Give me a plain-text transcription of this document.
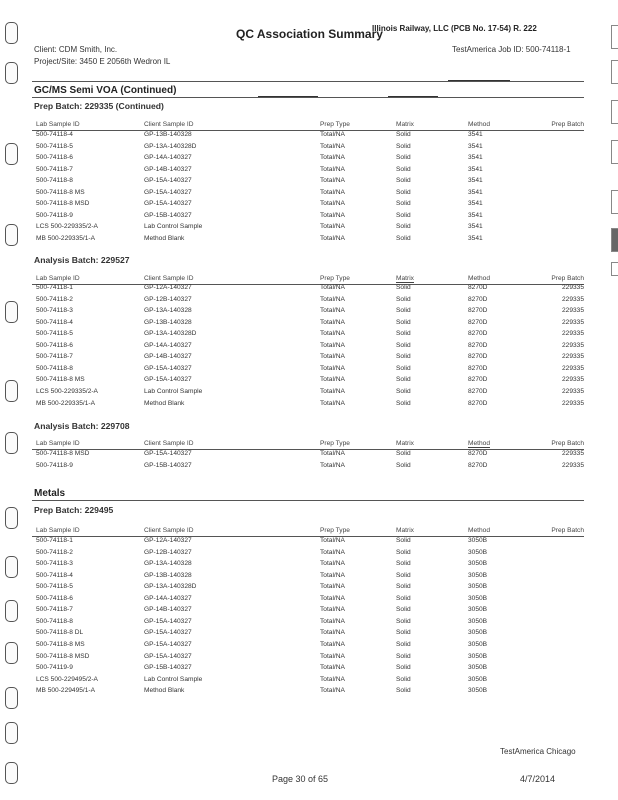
QC Association Summary
Illinois Railway, LLC (PCB No. 17-54) R. 222
Client: CDM Smith, Inc.	TestAmerica Job ID: 500-74118-1
Project/Site: 3450 E 2056th Wedron IL
GC/MS Semi VOA (Continued)
Prep Batch: 229335 (Continued)
Lab Sample ID	Client Sample ID	Prep Type	Matrix	Method	Prep Batch
500-74118-4	GP-13B-140328	Total/NA	Solid	3541
500-74118-5	GP-13A-140328D	Total/NA	Solid	3541
500-74118-6	GP-14A-140327	Total/NA	Solid	3541
500-74118-7	GP-14B-140327	Total/NA	Solid	3541
500-74118-8	GP-15A-140327	Total/NA	Solid	3541
500-74118-8 MS	GP-15A-140327	Total/NA	Solid	3541
500-74118-8 MSD	GP-15A-140327	Total/NA	Solid	3541
500-74118-9	GP-15B-140327	Total/NA	Solid	3541
LCS 500-229335/2-A	Lab Control Sample	Total/NA	Solid	3541
MB 500-229335/1-A	Method Blank	Total/NA	Solid	3541
Analysis Batch: 229527
Lab Sample ID	Client Sample ID	Prep Type	Matrix	Method	Prep Batch
500-74118-1	GP-12A-140327	Total/NA	Solid	8270D	229335
500-74118-2	GP-12B-140327	Total/NA	Solid	8270D	229335
500-74118-3	GP-13A-140328	Total/NA	Solid	8270D	229335
500-74118-4	GP-13B-140328	Total/NA	Solid	8270D	229335
500-74118-5	GP-13A-140328D	Total/NA	Solid	8270D	229335
500-74118-6	GP-14A-140327	Total/NA	Solid	8270D	229335
500-74118-7	GP-14B-140327	Total/NA	Solid	8270D	229335
500-74118-8	GP-15A-140327	Total/NA	Solid	8270D	229335
500-74118-8 MS	GP-15A-140327	Total/NA	Solid	8270D	229335
LCS 500-229335/2-A	Lab Control Sample	Total/NA	Solid	8270D	229335
MB 500-229335/1-A	Method Blank	Total/NA	Solid	8270D	229335
Analysis Batch: 229708
Lab Sample ID	Client Sample ID	Prep Type	Matrix	Method	Prep Batch
500-74118-8 MSD	GP-15A-140327	Total/NA	Solid	8270D	229335
500-74118-9	GP-15B-140327	Total/NA	Solid	8270D	229335
Metals
Prep Batch: 229495
Lab Sample ID	Client Sample ID	Prep Type	Matrix	Method	Prep Batch
500-74118-1	GP-12A-140327	Total/NA	Solid	3050B
500-74118-2	GP-12B-140327	Total/NA	Solid	3050B
500-74118-3	GP-13A-140328	Total/NA	Solid	3050B
500-74118-4	GP-13B-140328	Total/NA	Solid	3050B
500-74118-5	GP-13A-140328D	Total/NA	Solid	3050B
500-74118-6	GP-14A-140327	Total/NA	Solid	3050B
500-74118-7	GP-14B-140327	Total/NA	Solid	3050B
500-74118-8	GP-15A-140327	Total/NA	Solid	3050B
500-74118-8 DL	GP-15A-140327	Total/NA	Solid	3050B
500-74118-8 MS	GP-15A-140327	Total/NA	Solid	3050B
500-74118-8 MSD	GP-15A-140327	Total/NA	Solid	3050B
500-74119-9	GP-15B-140327	Total/NA	Solid	3050B
LCS 500-229495/2-A	Lab Control Sample	Total/NA	Solid	3050B
MB 500-229495/1-A	Method Blank	Total/NA	Solid	3050B
TestAmerica Chicago
Page 30 of 65	4/7/2014
